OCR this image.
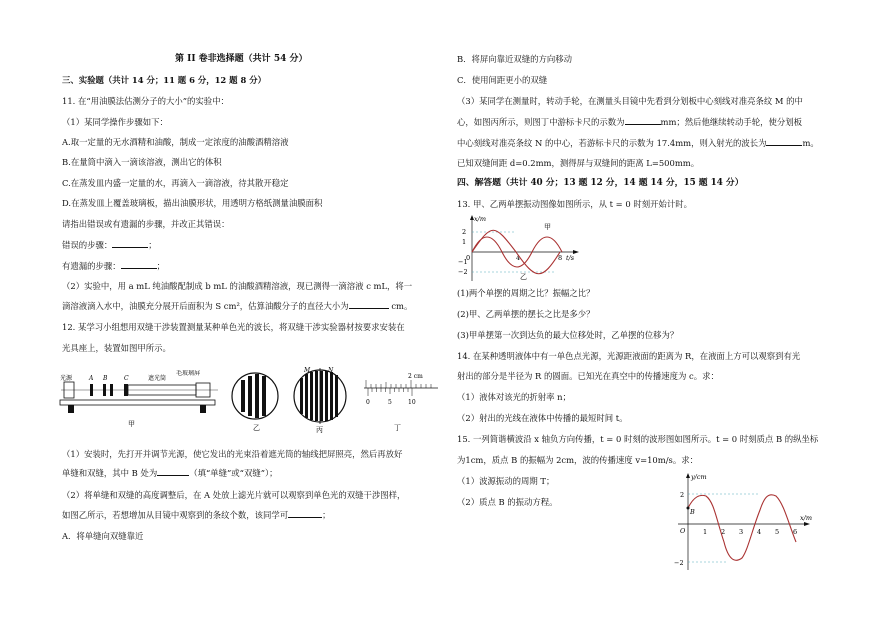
第 II 卷非选择题（共计 54 分）
三、实验题（共计 14 分；11 题 6 分，12 题 8 分）
11. 在“用油膜法估测分子的大小”的实验中：
（1）某同学操作步骤如下：
A.取一定量的无水酒精和油酸，制成一定浓度的油酸酒精溶液
B.在量筒中滴入一滴该溶液，测出它的体积
C.在蒸发皿内盛一定量的水，再滴入一滴溶液，待其散开稳定
D.在蒸发皿上覆盖玻璃板，描出油膜形状，用透明方格纸测量油膜面积
请指出错误或有遗漏的步骤，并改正其错误：
错误的步骤：	；
有遗漏的步骤：	；
（2）实验中，用 a mL 纯油酸配制成 b mL 的油酸酒精溶液，现已测得一滴溶液 c mL，将一
滴溶液滴入水中，油膜充分展开后面积为 S cm²，估算油酸分子的直径大小为	cm。
12. 某学习小组想用双缝干涉装置测量某种单色光的波长，将双缝干涉实验器材按要求安装在
光具座上，装置如图甲所示。
光源	A B	C	遮光筒
毛玻璃屏
甲	乙
M	N
丙
2 cm
0	5	10
丁
（1）安装时，先打开并调节光源，使它发出的光束沿着遮光筒的轴线把屏照亮，然后再放好
单缝和双缝，其中 B 处为	（填“单缝”或“双缝”）；
（2）将单缝和双缝的高度调整后，在 A 处放上滤光片就可以观察到单色光的双缝干涉图样，
如图乙所示，若想增加从目镜中观察到的条纹个数，该同学可	；
A．将单缝向双缝靠近
B．将屏向靠近双缝的方向移动
C．使用间距更小的双缝
（3）某同学在测量时，转动手轮，在测量头目镜中先看到分划板中心刻线对准亮条纹 M 的中
心，如图丙所示，则图丁中游标卡尺的示数为	mm；然后他继续转动手轮，使分划板
中心刻线对准亮条纹 N 的中心，若游标卡尺的示数为 17.4mm，则入射光的波长为	m。
已知双缝间距 d=0.2mm，测得屏与双缝间的距离 L=500mm。
四、解答题（共计 40 分；13 题 12 分，14 题 14 分，15 题 14 分）
13. 甲、乙两单摆振动图像如图所示，从 t = 0 时刻开始计时。
x/m
t/s
2
1
−1
−2
0	4	8
甲
乙
(1)两个单摆的周期之比？振幅之比？
(2)甲、乙两单摆的摆长之比是多少？
(3)甲单摆第一次到达负的最大位移处时，乙单摆的位移为？
14. 在某种透明液体中有一单色点光源，光源距液面的距离为 R，在液面上方可以观察到有光
射出的部分是半径为 R 的圆面。已知光在真空中的传播速度为 c。求：
（1）液体对该光的折射率 n；
（2）射出的光线在液体中传播的最短时间 t。
15. 一列简谐横波沿 x 轴负方向传播，t = 0 时刻的波形图如图所示。t = 0 时刻质点 B 的纵坐标
为1cm，质点 B 的振幅为 2cm，波的传播速度 v=10m/s。求：
（1）波源振动的周期 T；
（2）质点 B 的振动方程。
y/cm
x/m
2
−2
O
B
1 2 3 4 5 6
